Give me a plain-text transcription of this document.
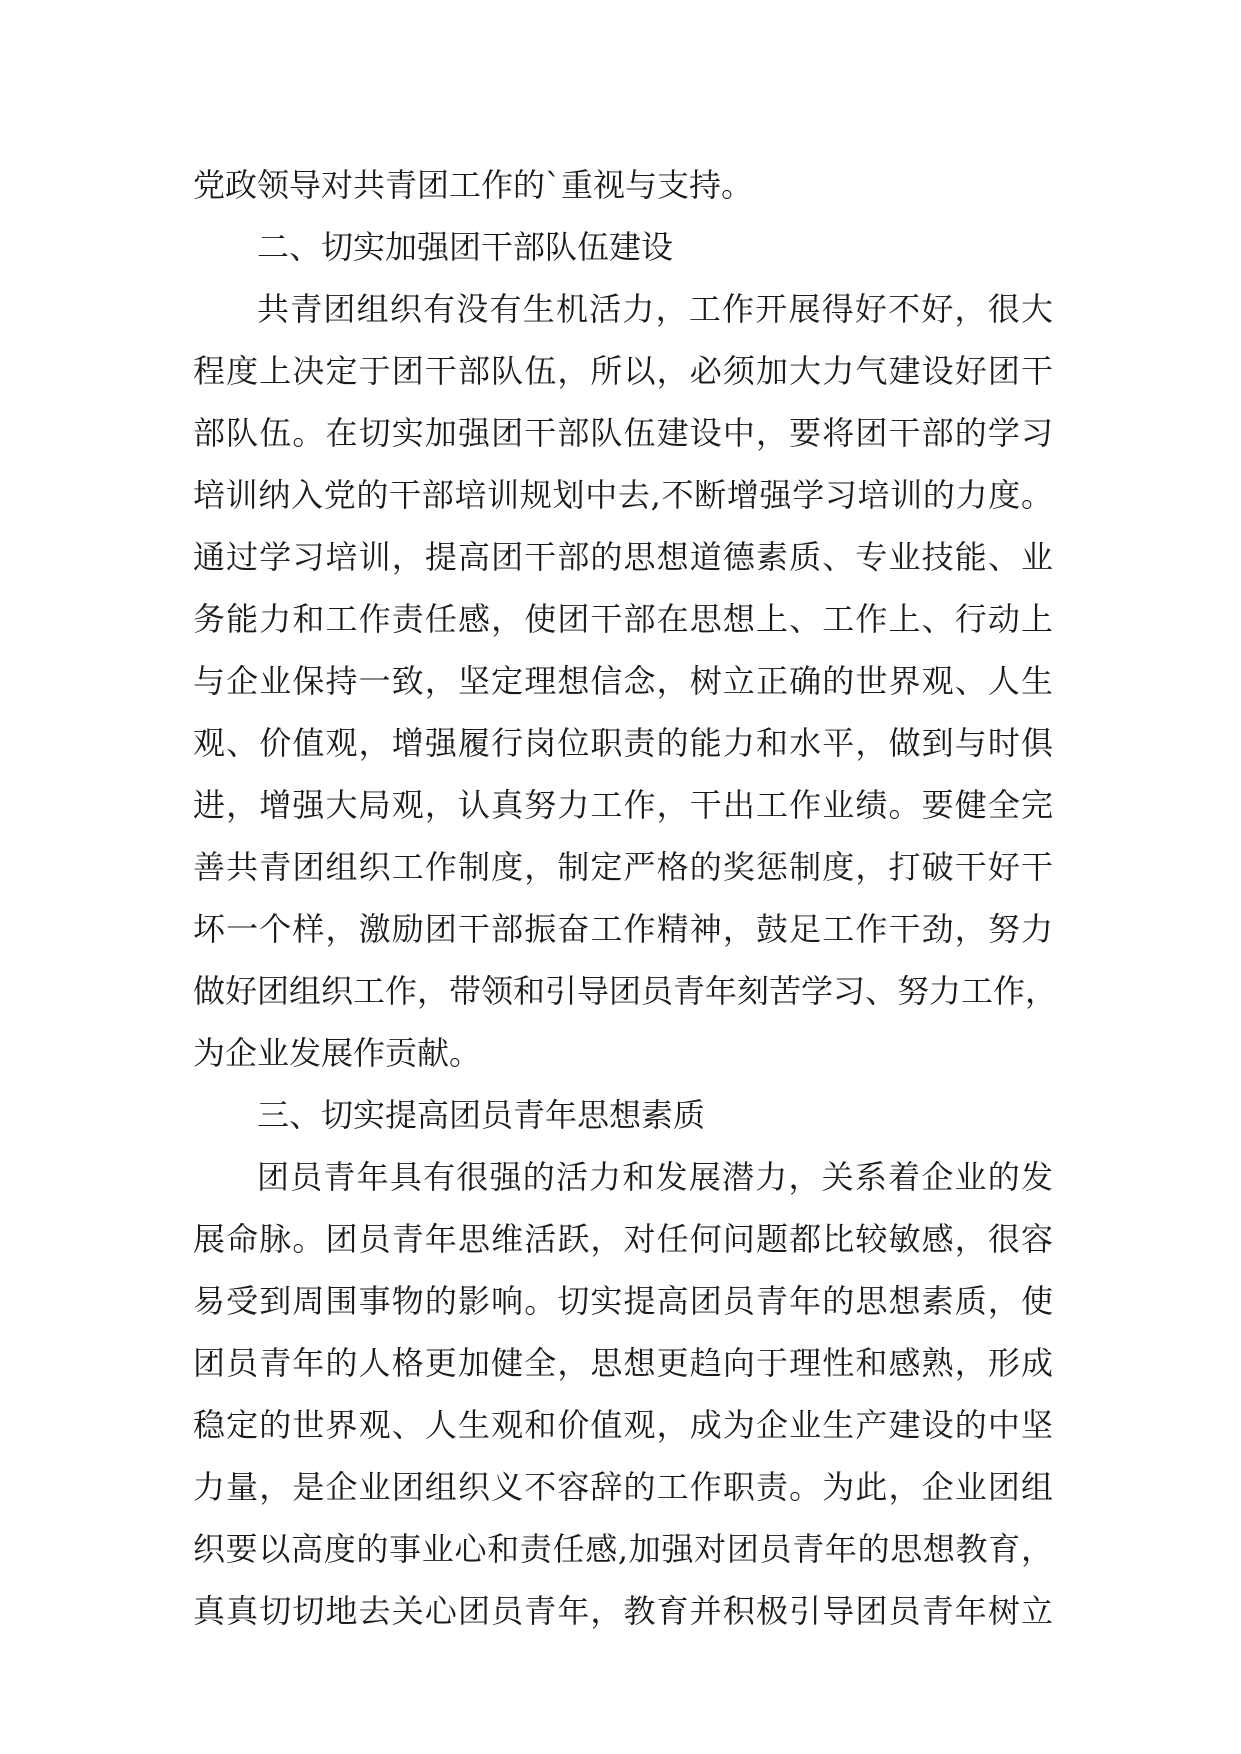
党政领导对共青团工作的`重视与支持。
二、切实加强团干部队伍建设
共青团组织有没有生机活力，工作开展得好不好，很大
程度上决定于团干部队伍，所以，必须加大力气建设好团干
部队伍。在切实加强团干部队伍建设中，要将团干部的学习
培训纳入党的干部培训规划中去,不断增强学习培训的力度。
通过学习培训，提高团干部的思想道德素质、专业技能、业
务能力和工作责任感，使团干部在思想上、工作上、行动上
与企业保持一致，坚定理想信念，树立正确的世界观、人生
观、价值观，增强履行岗位职责的能力和水平，做到与时俱
进，增强大局观，认真努力工作，干出工作业绩。要健全完
善共青团组织工作制度，制定严格的奖惩制度，打破干好干
坏一个样，激励团干部振奋工作精神，鼓足工作干劲，努力
做好团组织工作，带领和引导团员青年刻苦学习、努力工作，
为企业发展作贡献。
三、切实提高团员青年思想素质
团员青年具有很强的活力和发展潜力，关系着企业的发
展命脉。团员青年思维活跃，对任何问题都比较敏感，很容
易受到周围事物的影响。切实提高团员青年的思想素质，使
团员青年的人格更加健全，思想更趋向于理性和感熟，形成
稳定的世界观、人生观和价值观，成为企业生产建设的中坚
力量，是企业团组织义不容辞的工作职责。为此，企业团组
织要以高度的事业心和责任感,加强对团员青年的思想教育，
真真切切地去关心团员青年，教育并积极引导团员青年树立
